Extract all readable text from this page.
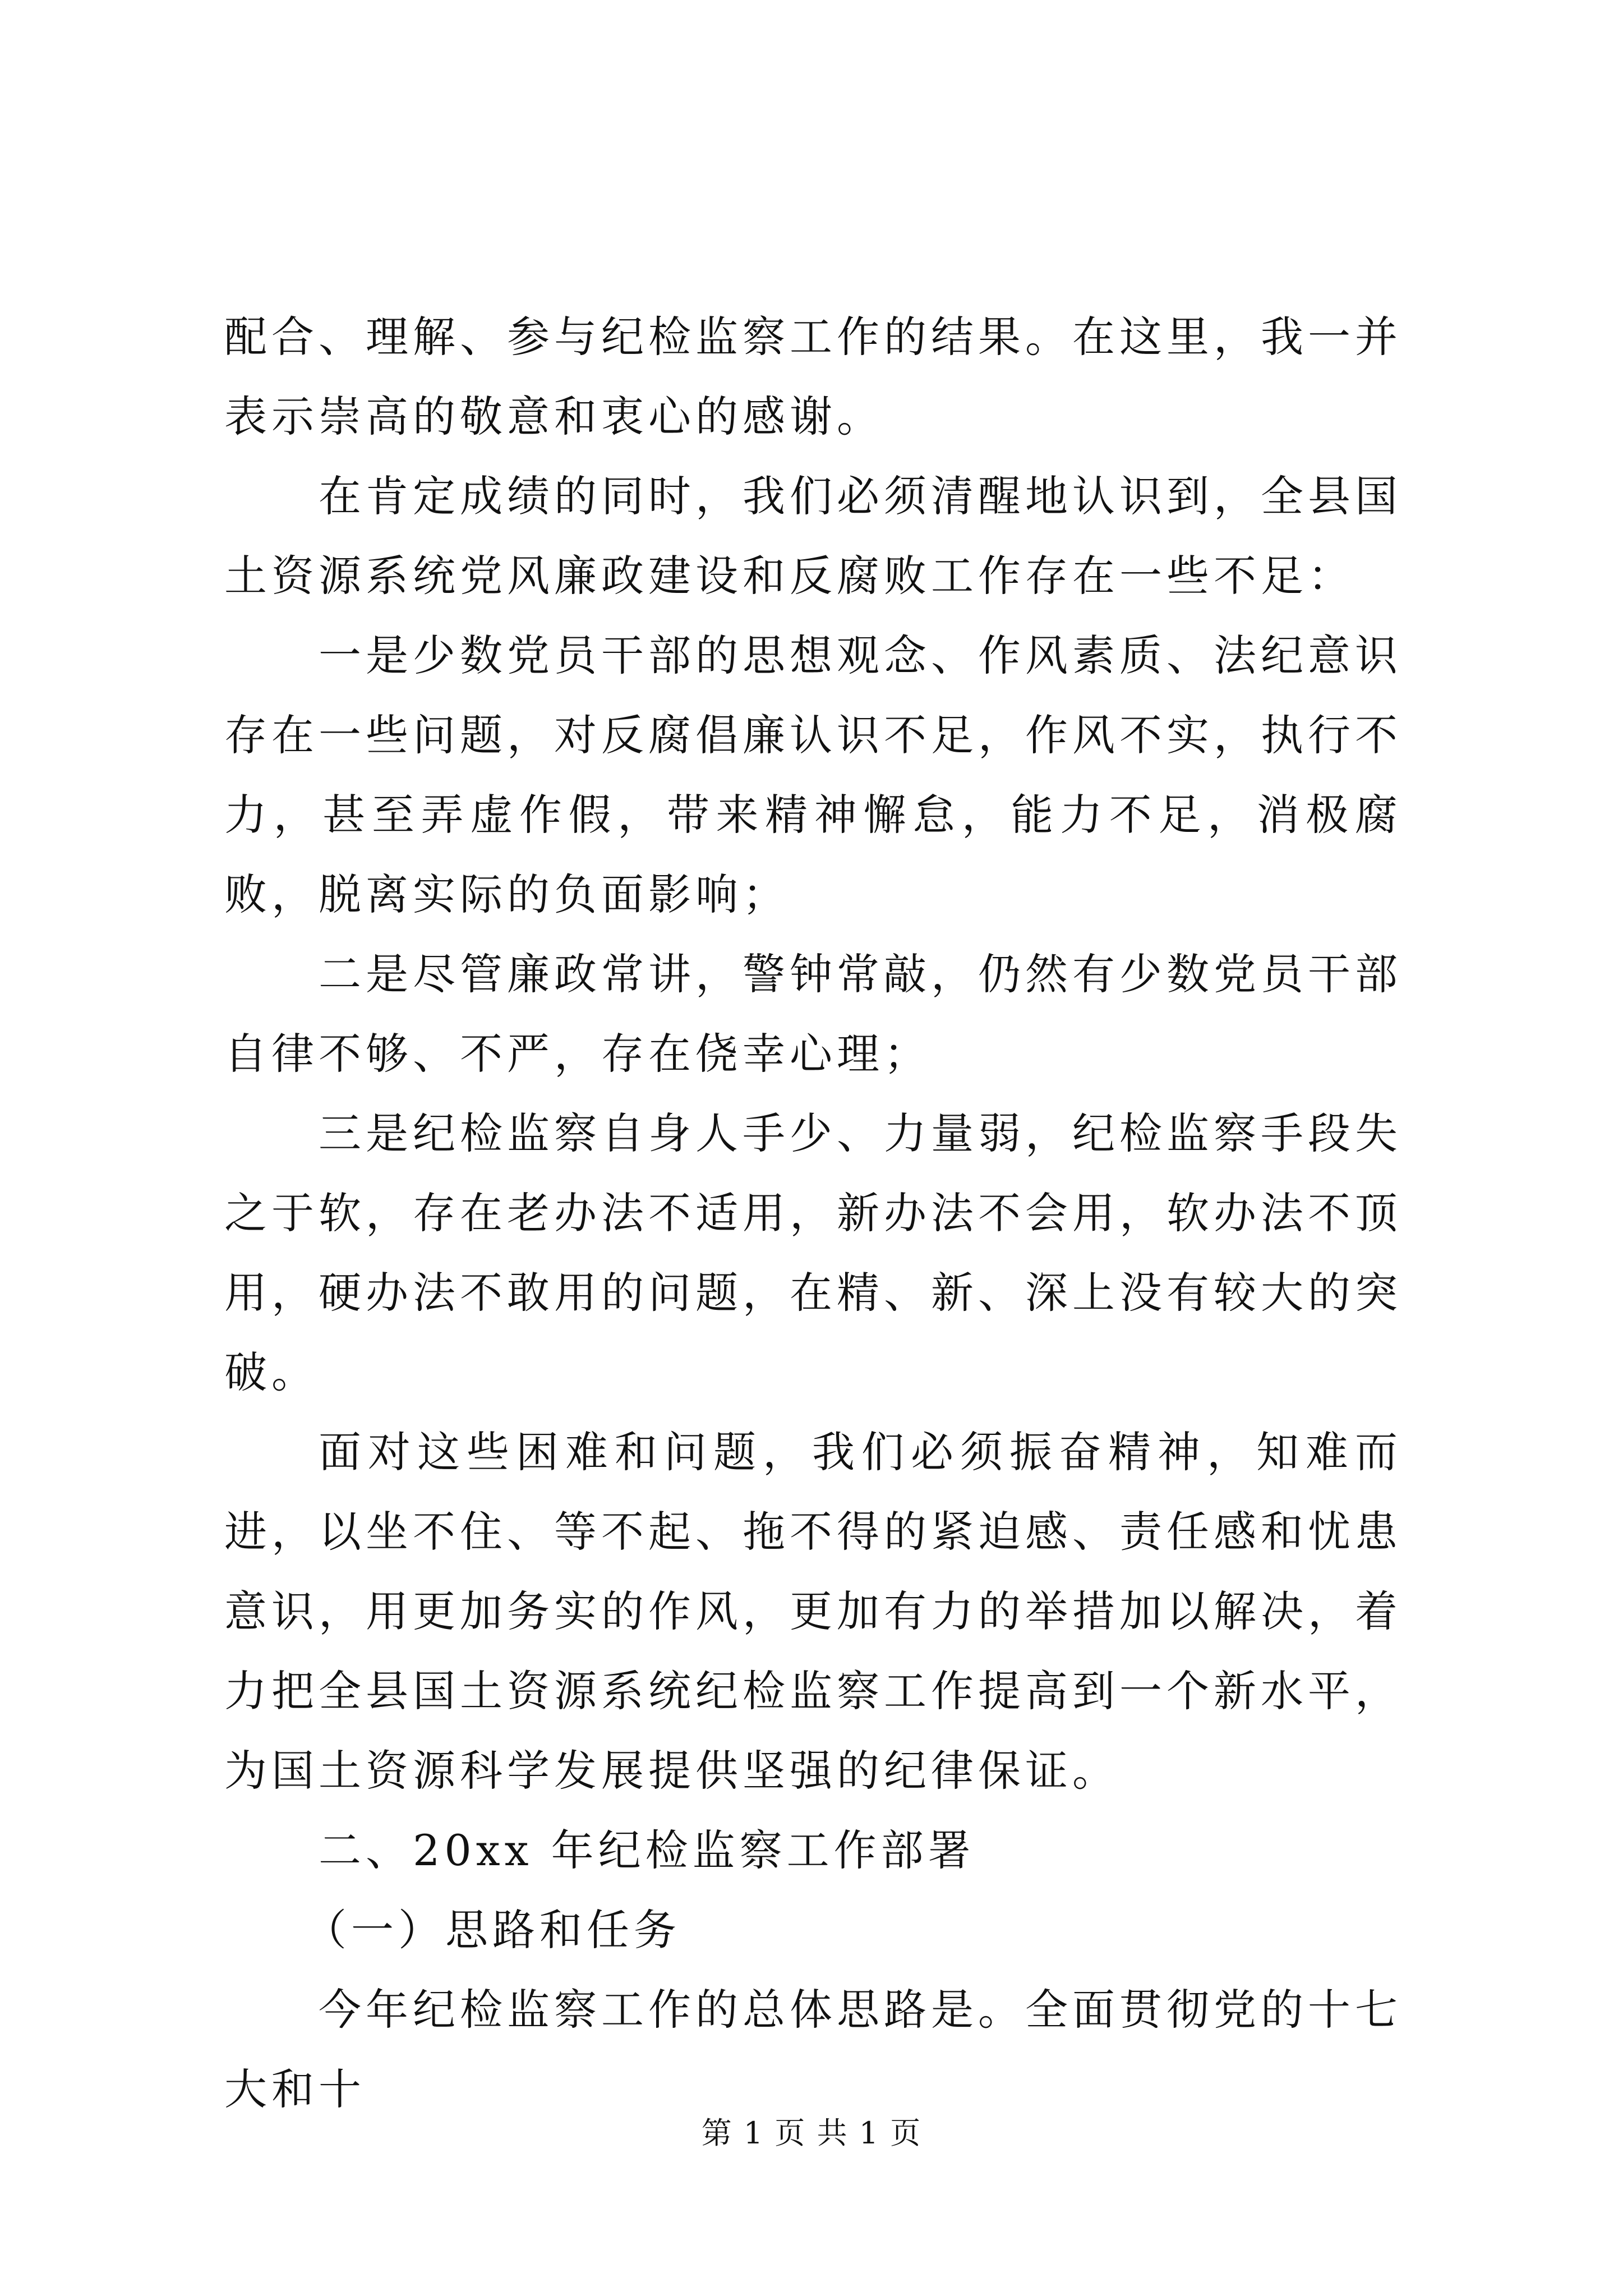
配合、理解、参与纪检监察工作的结果。在这里，我一并表示崇高的敬意和衷心的感谢。

在肯定成绩的同时，我们必须清醒地认识到，全县国土资源系统党风廉政建设和反腐败工作存在一些不足：

一是少数党员干部的思想观念、作风素质、法纪意识存在一些问题，对反腐倡廉认识不足，作风不实，执行不力，甚至弄虚作假，带来精神懈怠，能力不足，消极腐败，脱离实际的负面影响；

二是尽管廉政常讲，警钟常敲，仍然有少数党员干部自律不够、不严，存在侥幸心理；

三是纪检监察自身人手少、力量弱，纪检监察手段失之于软，存在老办法不适用，新办法不会用，软办法不顶用，硬办法不敢用的问题，在精、新、深上没有较大的突破。

面对这些困难和问题，我们必须振奋精神，知难而进，以坐不住、等不起、拖不得的紧迫感、责任感和忧患意识，用更加务实的作风，更加有力的举措加以解决，着力把全县国土资源系统纪检监察工作提高到一个新水平，为国土资源科学发展提供坚强的纪律保证。

二、20xx 年纪检监察工作部署

（一）思路和任务

今年纪检监察工作的总体思路是。全面贯彻党的十七大和十

第 1 页 共 1 页
